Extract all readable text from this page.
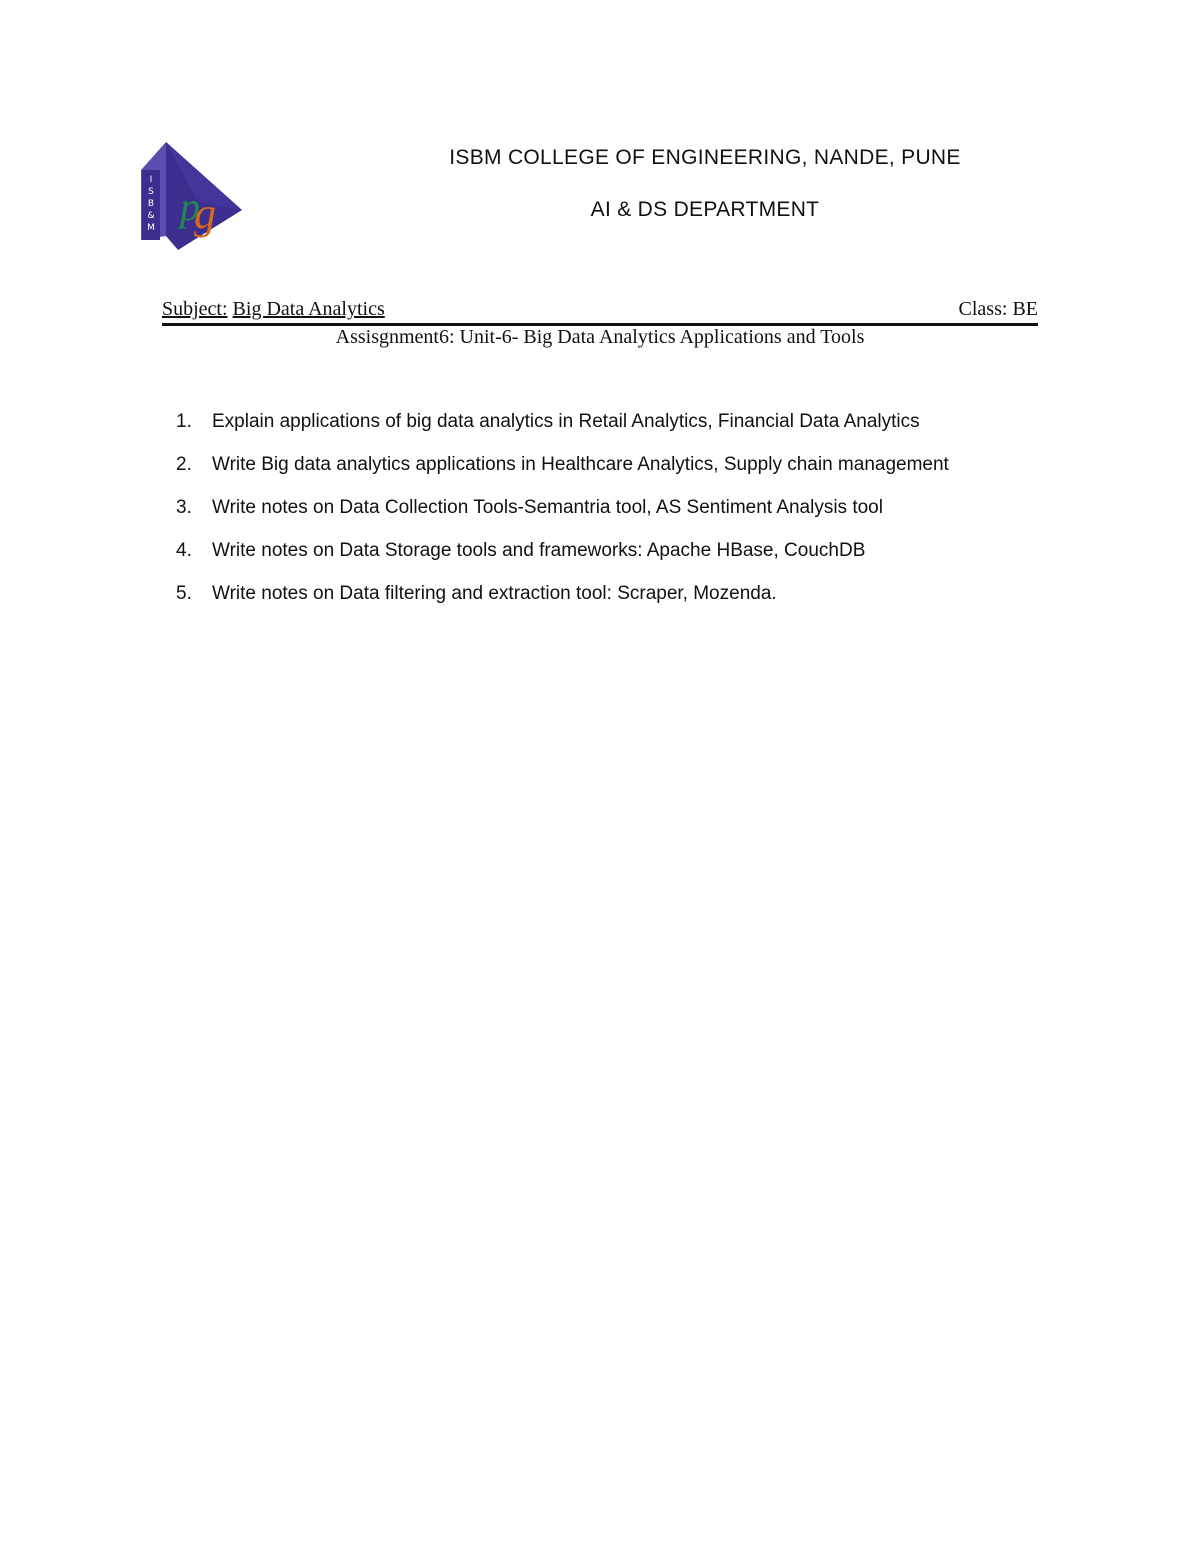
I
S
B
&
M p
g
ISBM COLLEGE OF ENGINEERING, NANDE, PUNE
AI & DS DEPARTMENT
Subject: Big Data Analytics	Class: BE
Assisgnment6: Unit-6- Big Data Analytics Applications and Tools
1. Explain applications of big data analytics in Retail Analytics, Financial Data Analytics
2. Write Big data analytics applications in Healthcare Analytics, Supply chain management
3. Write notes on Data Collection Tools-Semantria tool, AS Sentiment Analysis tool
4. Write notes on Data Storage tools and frameworks: Apache HBase, CouchDB
5. Write notes on Data filtering and extraction tool: Scraper, Mozenda.
